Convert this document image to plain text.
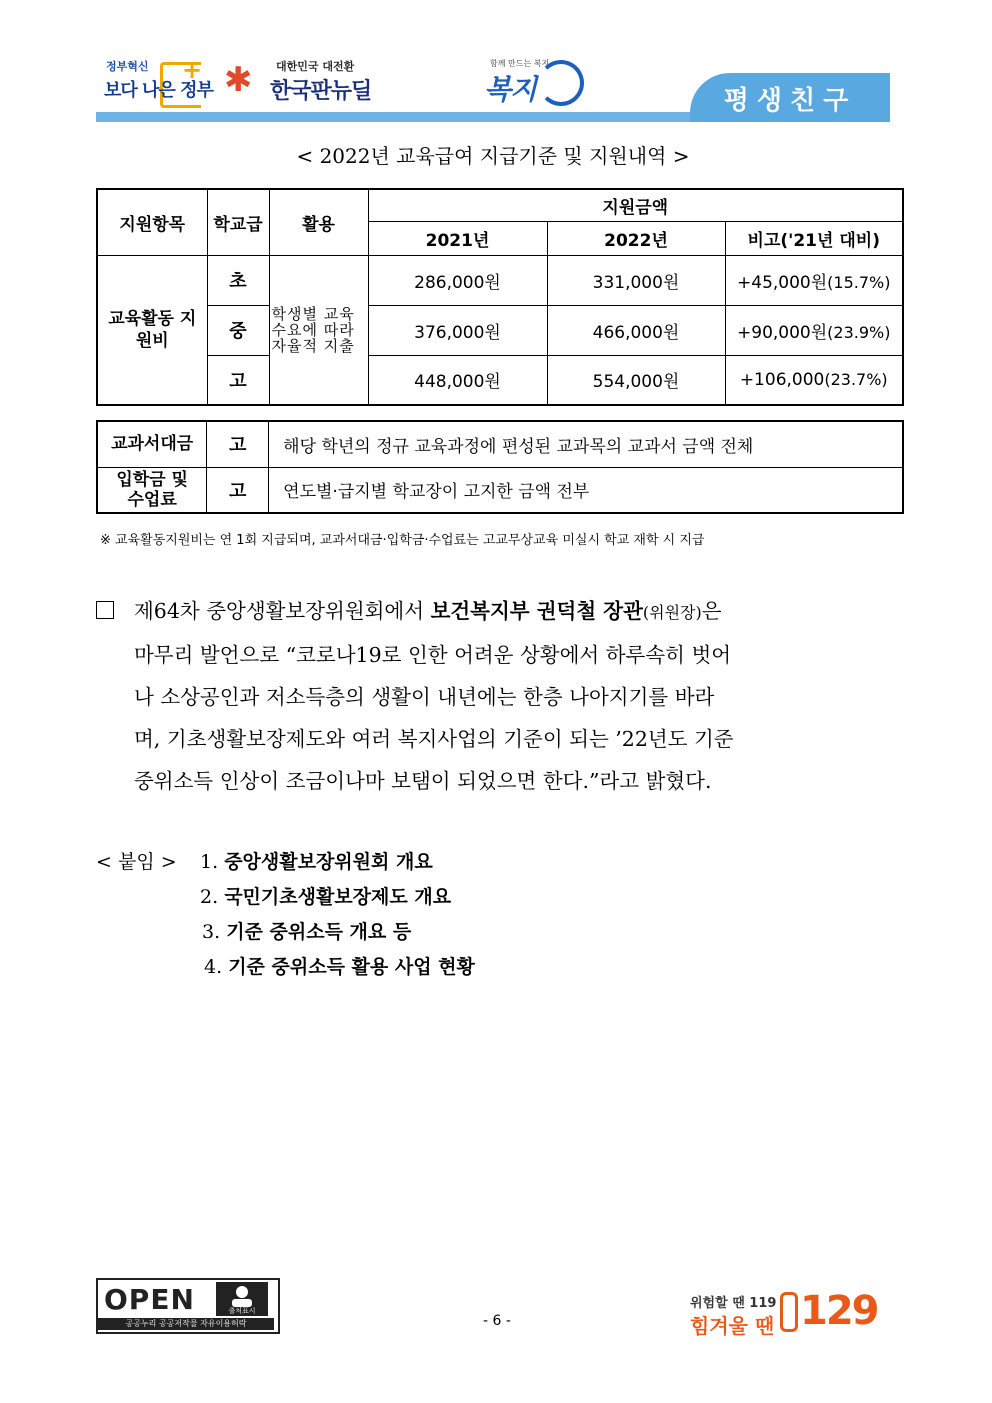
정부혁신
보다 나은 정부
+ ✱ 대한민국 대전환
한국판뉴딜
함께 만드는 복지
복지	평생친구
< 2022년 교육급여 지급기준 및 지원내역 >
지원항목	학교급	활용	지원금액		
			2021년	2022년	비고('21년 대비)
교육활동 지원비	초	학생별 교육수요에 따라 자율적 지출	286,000원	331,000원	+45,000원(15.7%)
	중		376,000원	466,000원	+90,000원(23.9%)
	고		448,000원	554,000원	+106,000(23.7%)
교과서대금	고	해당 학년의 정규 교육과정에 편성된 교과목의 교과서 금액 전체
입학금 및 수업료	고	연도별·급지별 학교장이 고지한 금액 전부
※ 교육활동지원비는 연 1회 지급되며, 교과서대금·입학금·수업료는 고교무상교육 미실시 학교 재학 시 지급

제64차 중앙생활보장위원회에서 보건복지부 권덕철 장관(위원장)은

마무리 발언으로 “코로나19로 인한 어려운 상황에서 하루속히 벗어

나 소상공인과 저소득층의 생활이 내년에는 한층 나아지기를 바라

며, 기초생활보장제도와 여러 복지사업의 기준이 되는 ’22년도 기준

중위소득 인상이 조금이나마 보탬이 되었으면 한다.”라고 밝혔다.

< 붙임 > 1. 중앙생활보장위원회 개요
2. 국민기초생활보장제도 개요
3. 기준 중위소득 개요 등
4. 기준 중위소득 활용 사업 현황
OPEN	출처표시
공공누리 공공저작물 자유이용허락	- 6 -
위험할 땐 119
힘겨울 땐 129
